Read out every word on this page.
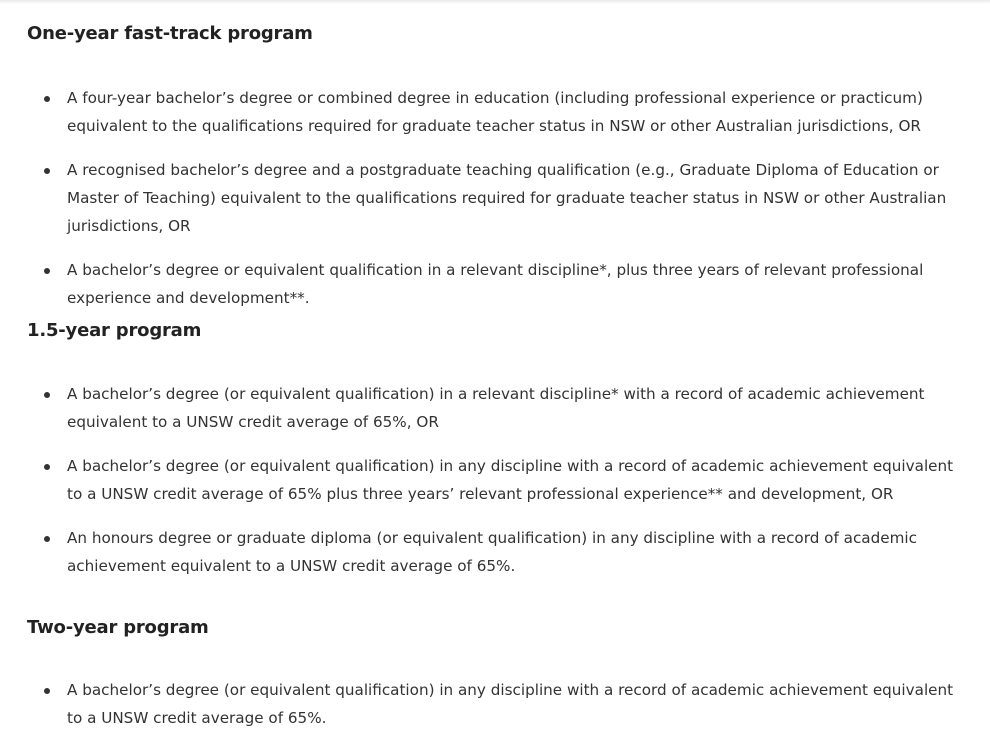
One-year fast-track program
A four-year bachelor’s degree or combined degree in education (including professional experience or practicum) equivalent to the qualifications required for graduate teacher status in NSW or other Australian jurisdictions, OR
A recognised bachelor’s degree and a postgraduate teaching qualification (e.g., Graduate Diploma of Education or Master of Teaching) equivalent to the qualifications required for graduate teacher status in NSW or other Australian jurisdictions, OR
A bachelor’s degree or equivalent qualification in a relevant discipline*, plus three years of relevant professional experience and development**.
1.5-year program
A bachelor’s degree (or equivalent qualification) in a relevant discipline* with a record of academic achievement equivalent to a UNSW credit average of 65%, OR
A bachelor’s degree (or equivalent qualification) in any discipline with a record of academic achievement equivalent to a UNSW credit average of 65% plus three years’ relevant professional experience** and development, OR
An honours degree or graduate diploma (or equivalent qualification) in any discipline with a record of academic achievement equivalent to a UNSW credit average of 65%.
Two-year program
A bachelor’s degree (or equivalent qualification) in any discipline with a record of academic achievement equivalent to a UNSW credit average of 65%.
